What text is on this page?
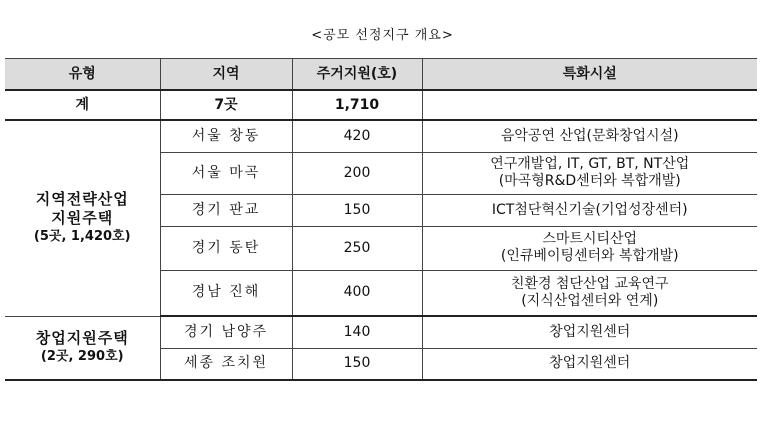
<공모 선정지구 개요>
유형	지역	주거지원(호)	특화시설
계	7곳	1,710	

지역전략산업
지원주택
(5곳, 1,420호)	서울 창동	420	음악공연 산업(문화창업시설)

	서울 마곡	200	연구개발업, IT, GT, BT, NT산업
(마곡형R&D센터와 복합개발)

	경기 판교	150	ICT첨단혁신기술(기업성장센터)

	경기 동탄	250	스마트시티산업
(인큐베이팅센터와 복합개발)

	경남 진해	400	친환경 첨단산업 교육연구
(지식산업센터와 연계)

창업지원주택
(2곳, 290호)	경기 남양주	140	창업지원센터

	세종 조치원	150	창업지원센터
